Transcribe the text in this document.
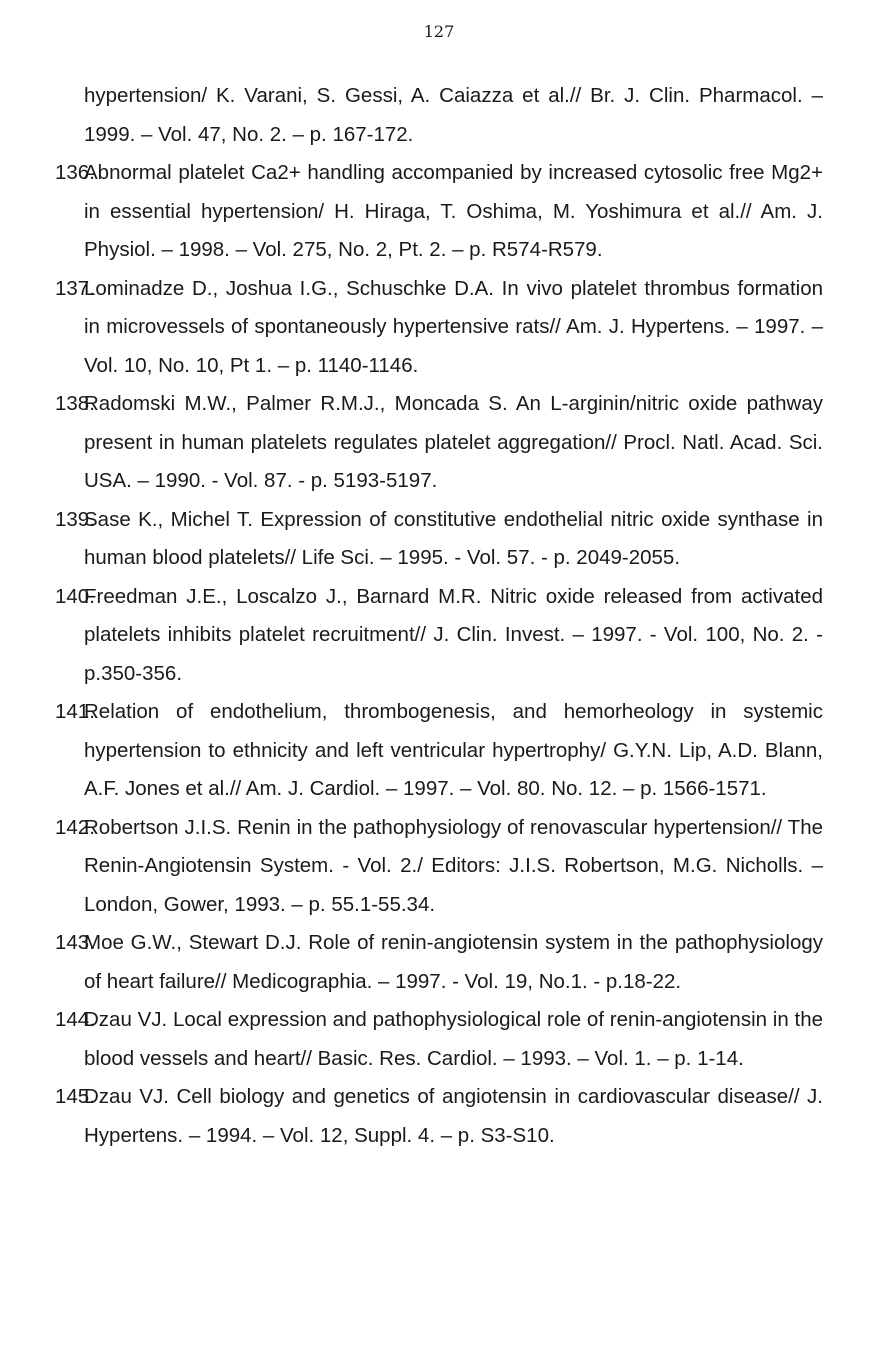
127

hypertension/ K. Varani, S. Gessi, A. Caiazza et al.// Br. J. Clin. Pharmacol. – 1999. – Vol. 47, No. 2. – p. 167-172.

136.Abnormal platelet Ca2+ handling accompanied by increased cytosolic free Mg2+ in essential hypertension/ H. Hiraga, T. Oshima, M. Yoshimura et al.// Am. J. Physiol. – 1998. – Vol. 275, No. 2, Pt. 2. – p. R574-R579.

137.Lominadze D., Joshua I.G., Schuschke D.A. In vivo platelet thrombus formation in microvessels of spontaneously hypertensive rats// Am. J. Hypertens. – 1997. – Vol. 10, No. 10, Pt 1. – p. 1140-1146.

138.Radomski M.W., Palmer R.M.J., Moncada S. An L-arginin/nitric oxide pathway present in human platelets regulates platelet aggregation// Procl. Natl. Acad. Sci. USA. – 1990. - Vol. 87. - p. 5193-5197.

139.Sase K., Michel T. Expression of constitutive endothelial nitric oxide synthase in human blood platelets// Life Sci. – 1995. - Vol. 57. - p. 2049-2055.

140.Freedman J.E., Loscalzo J., Barnard M.R. Nitric oxide released from activated platelets inhibits platelet recruitment// J. Clin. Invest. – 1997. - Vol. 100, No. 2. - p.350-356.

141.Relation of endothelium, thrombogenesis, and hemorheology in systemic hypertension to ethnicity and left ventricular hypertrophy/ G.Y.N. Lip, A.D. Blann, A.F. Jones et al.// Am. J. Cardiol. – 1997. – Vol. 80. No. 12. – p. 1566-1571.

142.Robertson J.I.S. Renin in the pathophysiology of renovascular hypertension// The Renin-Angiotensin System. - Vol. 2./ Editors: J.I.S. Robertson, M.G. Nicholls. – London, Gower, 1993. – p. 55.1-55.34.

143.Moe G.W., Stewart D.J. Role of renin-angiotensin system in the pathophysiology of heart failure// Medicographia. – 1997. - Vol. 19, No.1. - p.18-22.

144.Dzau VJ. Local expression and pathophysiological role of renin-angiotensin in the blood vessels and heart// Basic. Res. Cardiol. – 1993. – Vol. 1. – p. 1-14.

145.Dzau VJ. Cell biology and genetics of angiotensin in cardiovascular disease// J. Hypertens. – 1994. – Vol. 12, Suppl. 4. – p. S3-S10.
